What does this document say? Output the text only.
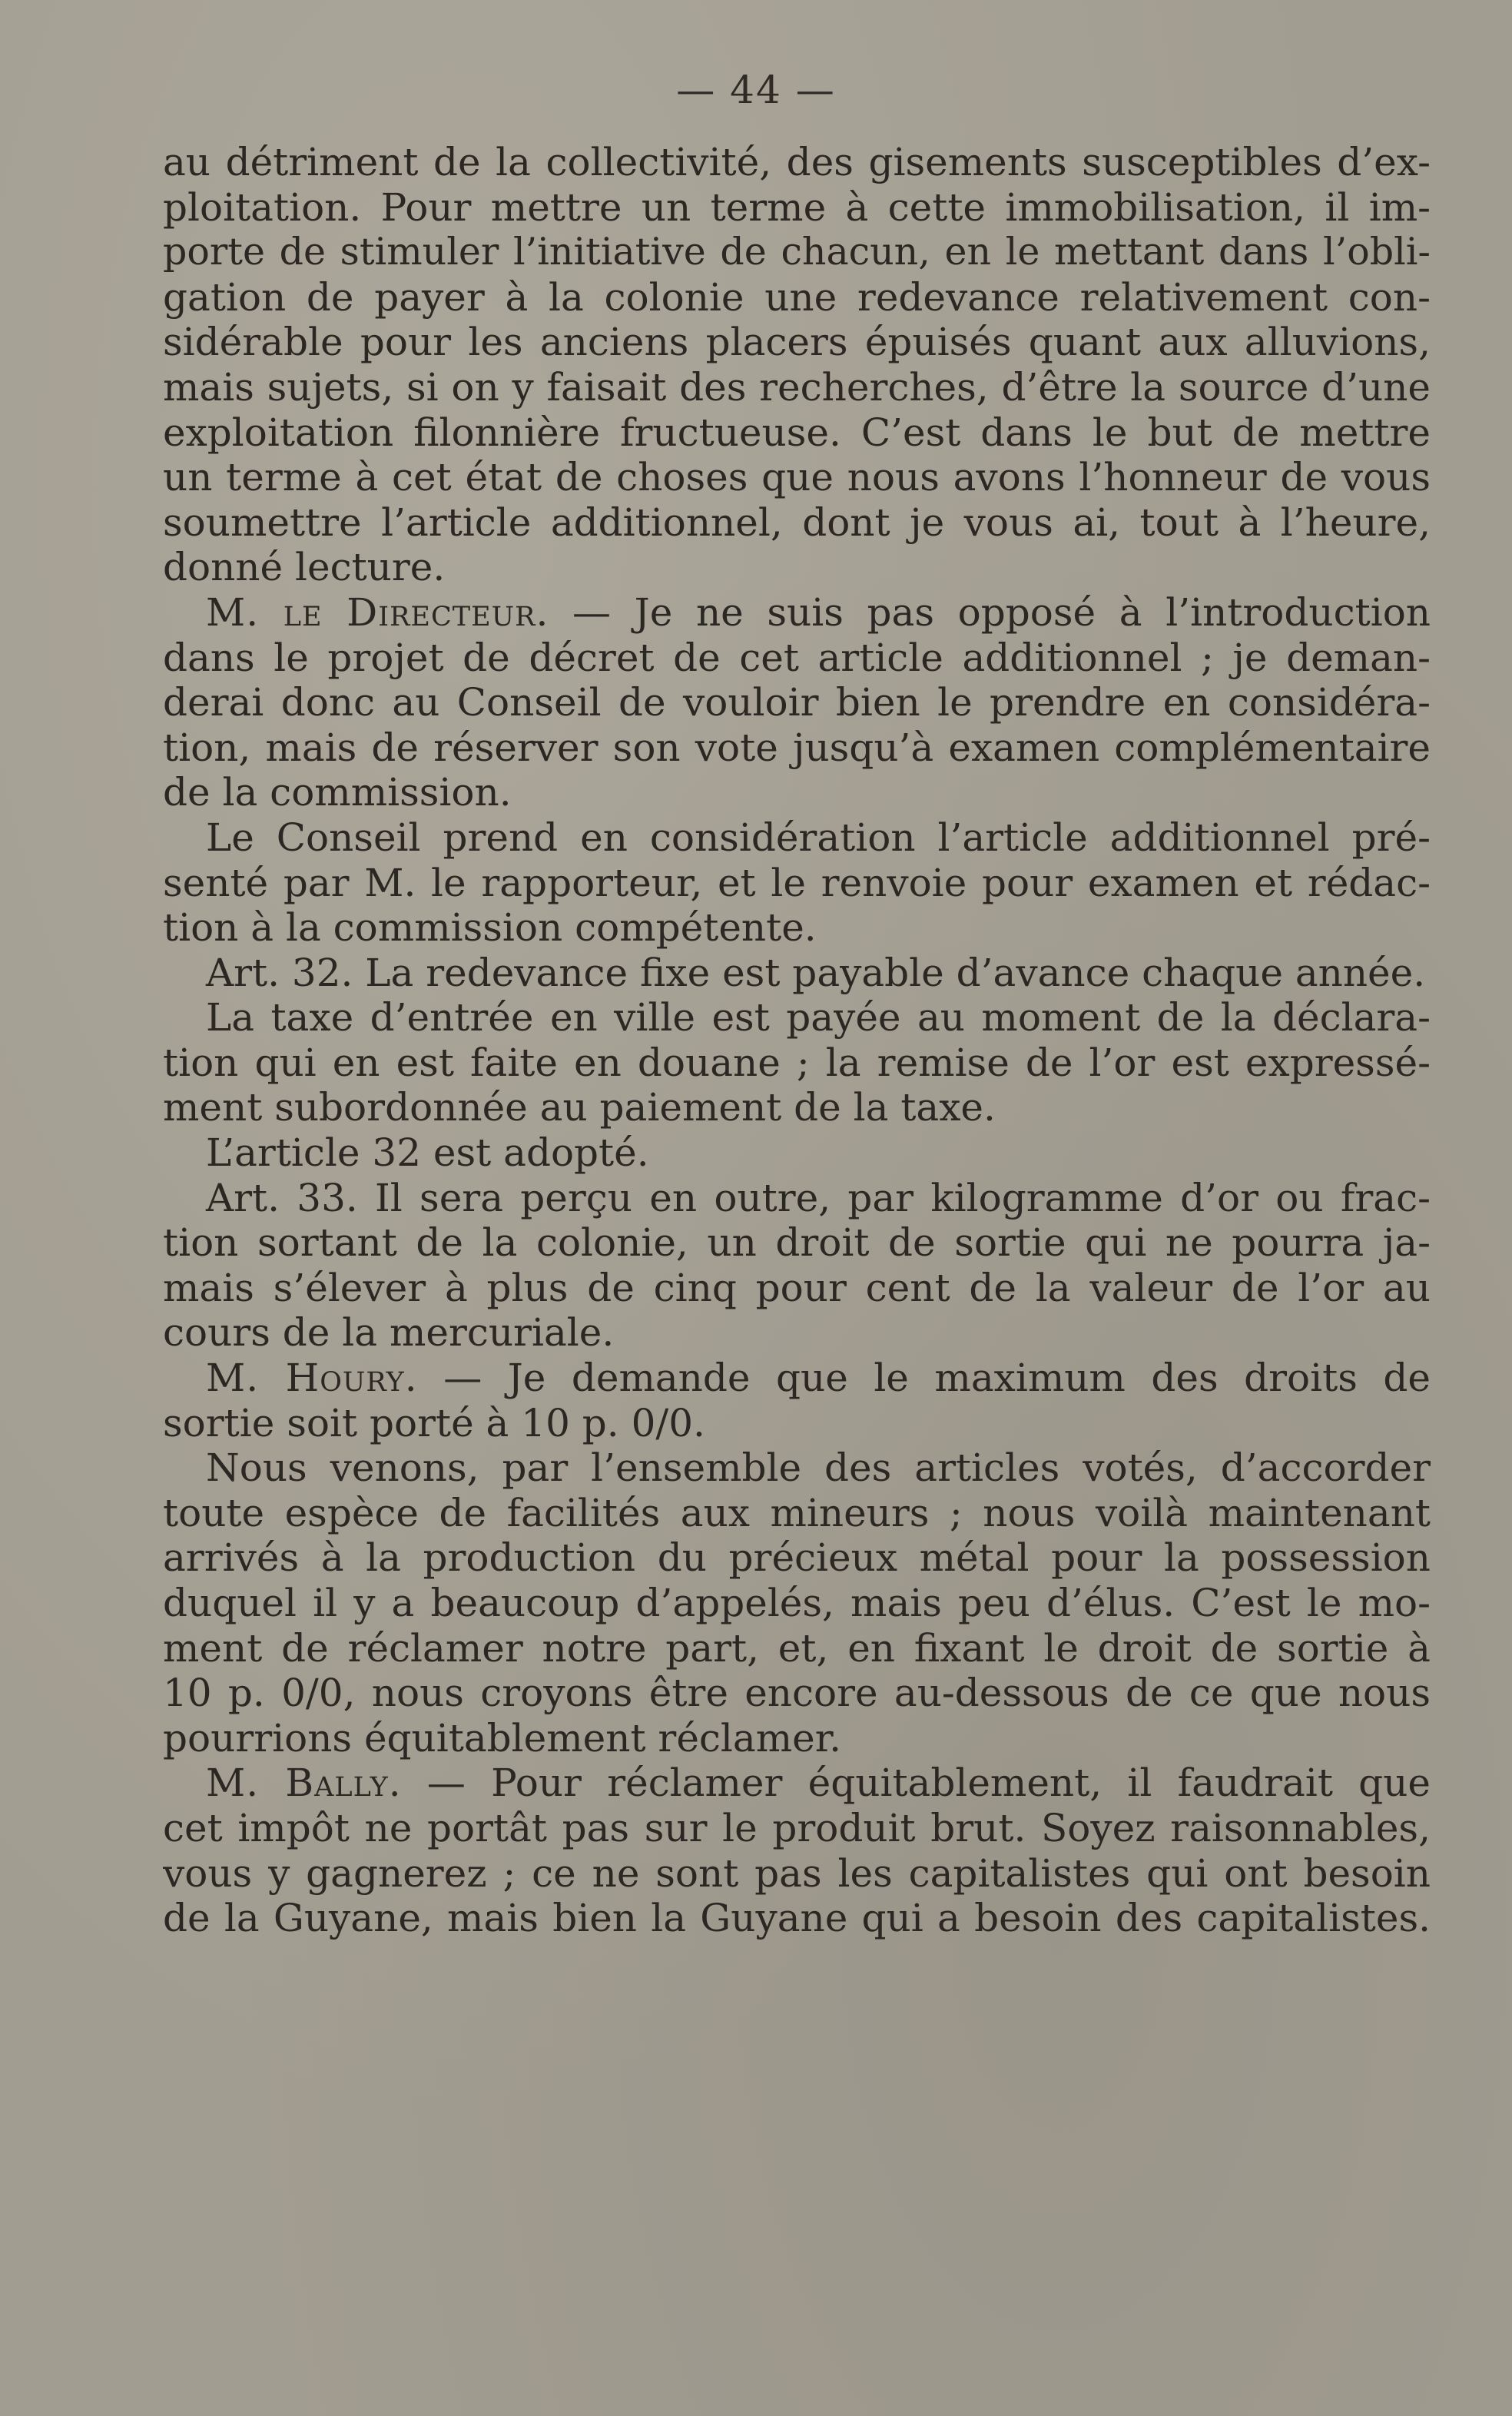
— 44 —
au détriment de la collectivité, des gisements susceptibles d’ex-
ploitation. Pour mettre un terme à cette immobilisation, il im-
porte de stimuler l’initiative de chacun, en le mettant dans l’obli-
gation de payer à la colonie une redevance relativement con-
sidérable pour les anciens placers épuisés quant aux alluvions,
mais sujets, si on y faisait des recherches, d’être la source d’une
exploitation filonnière fructueuse. C’est dans le but de mettre
un terme à cet état de choses que nous avons l’honneur de vous
soumettre l’article additionnel, dont je vous ai, tout à l’heure,
donné lecture.
M. le Directeur. — Je ne suis pas opposé à l’introduction
dans le projet de décret de cet article additionnel ; je deman-
derai donc au Conseil de vouloir bien le prendre en considéra-
tion, mais de réserver son vote jusqu’à examen complémentaire
de la commission.
Le Conseil prend en considération l’article additionnel pré-
senté par M. le rapporteur, et le renvoie pour examen et rédac-
tion à la commission compétente.
Art. 32. La redevance fixe est payable d’avance chaque année.
La taxe d’entrée en ville est payée au moment de la déclara-
tion qui en est faite en douane ; la remise de l’or est expressé-
ment subordonnée au paiement de la taxe.
L’article 32 est adopté.
Art. 33. Il sera perçu en outre, par kilogramme d’or ou frac-
tion sortant de la colonie, un droit de sortie qui ne pourra ja-
mais s’élever à plus de cinq pour cent de la valeur de l’or au
cours de la mercuriale.
M. Houry. — Je demande que le maximum des droits de
sortie soit porté à 10 p. 0/0.
Nous venons, par l’ensemble des articles votés, d’accorder
toute espèce de facilités aux mineurs ; nous voilà maintenant
arrivés à la production du précieux métal pour la possession
duquel il y a beaucoup d’appelés, mais peu d’élus. C’est le mo-
ment de réclamer notre part, et, en fixant le droit de sortie à
10 p. 0/0, nous croyons être encore au-dessous de ce que nous
pourrions équitablement réclamer.
M. Bally. — Pour réclamer équitablement, il faudrait que
cet impôt ne portât pas sur le produit brut. Soyez raisonnables,
vous y gagnerez ; ce ne sont pas les capitalistes qui ont besoin
de la Guyane, mais bien la Guyane qui a besoin des capitalistes.
